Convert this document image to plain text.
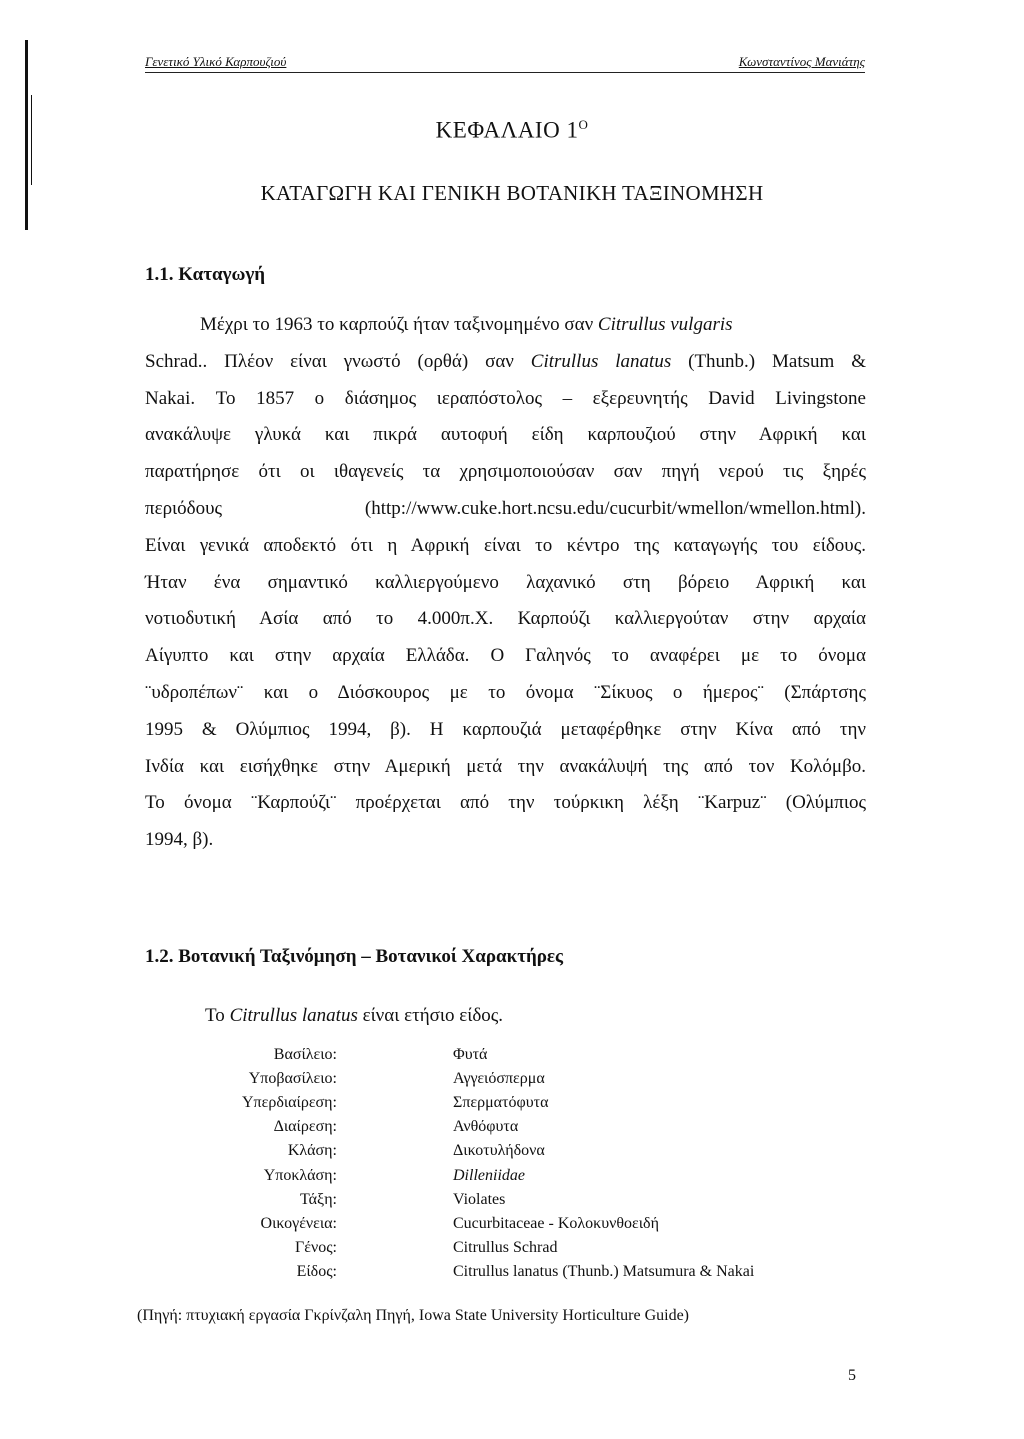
Γενετικό Υλικό Καρπουζιού	Κωνσταντίνος Μανιάτης
ΚΕΦΑΛΑΙΟ $1^O$
ΚΑΤΑΓΩΓΗ ΚΑΙ ΓΕΝΙΚΗ ΒΟΤΑΝΙΚΗ ΤΑΞΙΝΟΜΗΣΗ
1.1. Καταγωγή
Μέχρι το 1963 το καρπούζι ήταν ταξινομημένο σαν Citrullus vulgaris
Schrad.. Πλέον είναι γνωστό (ορθά) σαν Citrullus lanatus (Thunb.) Matsum &
Nakai. Το 1857 ο διάσημος ιεραπόστολος – εξερευνητής David Livingstone
ανακάλυψε γλυκά και πικρά αυτοφυή είδη καρπουζιού στην Αφρική και
παρατήρησε ότι οι ιθαγενείς τα χρησιμοποιούσαν σαν πηγή νερού τις ξηρές
περιόδους (http://www.cuke.hort.ncsu.edu/cucurbit/wmellon/wmellon.html).
Είναι γενικά αποδεκτό ότι η Αφρική είναι το κέντρο της καταγωγής του είδους.
Ήταν ένα σημαντικό καλλιεργούμενο λαχανικό στη βόρειο Αφρική και
νοτιοδυτική Ασία από το 4.000π.Χ. Καρπούζι καλλιεργούταν στην αρχαία
Αίγυπτο και στην αρχαία Ελλάδα. Ο Γαληνός το αναφέρει με το όνομα
¨υδροπέπων¨ και ο Διόσκουρος με το όνομα ¨Σίκυος ο ήμερος¨ (Σπάρτσης
1995 & Ολύμπιος 1994, β). Η καρπουζιά μεταφέρθηκε στην Κίνα από την
Ινδία και εισήχθηκε στην Αμερική μετά την ανακάλυψή της από τον Κολόμβο.
Το όνομα ¨Καρπούζι¨ προέρχεται από την τούρκικη λέξη ¨Karpuz¨ (Ολύμπιος
1994, β).
1.2. Βοτανική Ταξινόμηση – Βοτανικοί Χαρακτήρες
Το Citrullus lanatus είναι ετήσιο είδος.
Βασίλειο:	Φυτά
Υποβασίλειο:	Αγγειόσπερμα
Υπερδιαίρεση:	Σπερματόφυτα
Διαίρεση:	Ανθόφυτα
Κλάση:	Δικοτυλήδονα
Υποκλάση:	Dilleniidae
Τάξη:	Violates
Οικογένεια:	Cucurbitaceae - Κολοκυνθοειδή
Γένος:	Citrullus Schrad
Είδος:	Citrullus lanatus (Thunb.) Matsumura & Nakai
(Πηγή: πτυχιακή εργασία Γκρίνζαλη Πηγή, Iowa State University Horticulture Guide)
5
